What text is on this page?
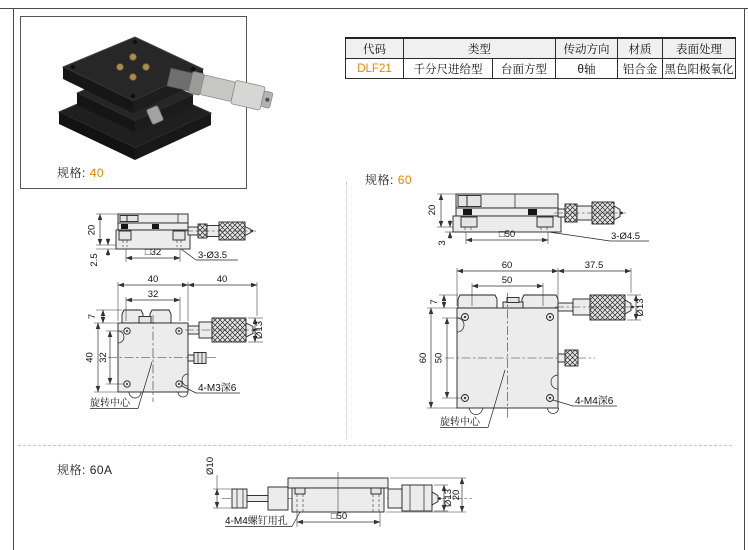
代码	类型		传动方向	材质	表面处理
DLF21	千分尺进给型	台面方型	θ轴	铝合金	黑色阳极氧化
规格: 40	规格: 60
规格: 60A
20
2.5
□32	3-Ø3.5
40	40
32
7
40 32
Ø13
4-M3深6
旋转中心
20
3
□50	3-Ø4.5
60	37.5
50
7
60 50
Ø13
4-M4深6
旋转中心
Ø10
4-M4螺钉用孔	□50
Ø13
20
